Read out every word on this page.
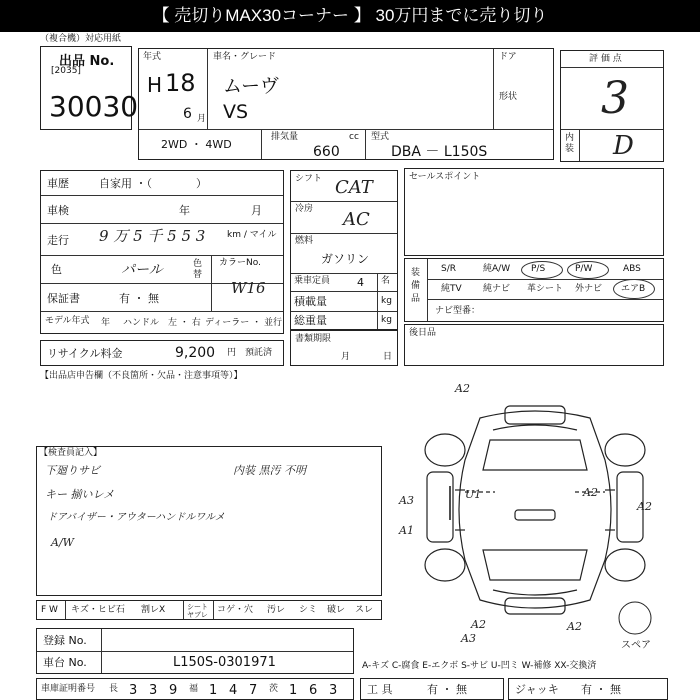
【 売切りMAX30コーナー 】 30万円までに売り切り
（複合機）対応用紙
出品 No.
[2035]
30030
年式
H 18
6 月
車名・グレード
ムーヴ
VS
ドア
形状
2WD ・ 4WD
排気量	cc
660
型式
DBA － L150S
評 価 点
3
内装 D
車歴	自家用 ・（　　　　）
車検	年	月
走行 9 万 5 千 5 5 3 km / マイル
色	パール	色替
カラーNo.
W16
保証書	有 ・ 無
モデル年式 年 ハンドル　左 ・ 右 ディーラー ・ 並行
リサイクル料金	9,200 円 預託済
シフト CAT
冷房 AC
燃料
ガソリン
乗車定員 4 名
積載量	kg
総重量	kg
書類期限
月	日
セールスポイント
装備品
S/R	純A/W P/S	P/W	ABS
純TV 純ナビ 革シート 外ナビ エアB
ナビ型番：
後日品
【出品店申告欄（不良箇所・欠品・注意事項等）】
【検査員記入】
下廻りサビ
キー 揃いレメ
ドアバイザー・アウターハンドルワルメ
A/W
内装 黒汚 不明
A2
A3
A2
A2
A3
A2
U1
A1
A2
スペア
F W キズ・ヒビ石 割レX	シートヤブレ	コゲ・穴 汚レ シミ 破レ スレ
登録 No.
車台 No.	L150S-0301971	A-キズ C-腐食 E-エクボ S-サビ U-凹ミ W-補修 XX-交換済
車庫証明番号 長 3 3 9 福 1 4 7 茨 1 6 3	工 具	有 ・ 無	ジャッキ 有 ・ 無
